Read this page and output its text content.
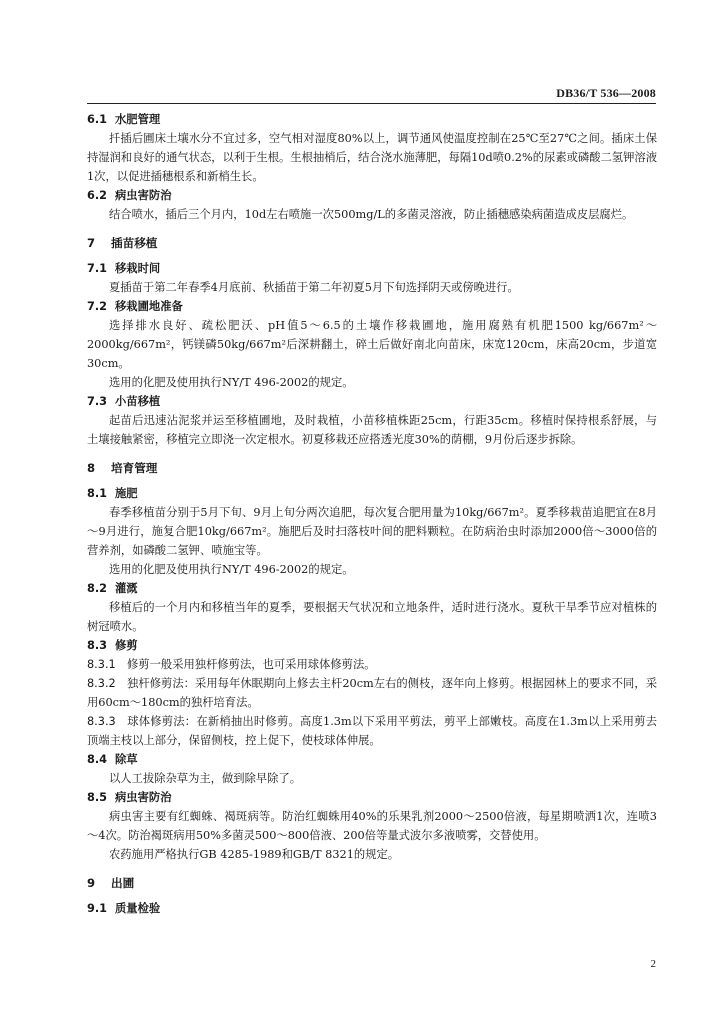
DB36/T 536—2008
6.1 水肥管理

扦插后圃床土壤水分不宜过多，空气相对湿度80%以上，调节通风使温度控制在25℃至27℃之间。插床土保持湿润和良好的通气状态，以利于生根。生根抽梢后，结合浇水施薄肥，每隔10d喷0.2%的尿素或磷酸二氢钾溶液1次，以促进插穗根系和新梢生长。

6.2 病虫害防治

结合喷水，插后三个月内，10d左右喷施一次500mg/L的多菌灵溶液，防止插穗感染病菌造成皮层腐烂。

7 插苗移植
7.1 移栽时间

夏插苗于第二年春季4月底前、秋插苗于第二年初夏5月下旬选择阴天或傍晚进行。

7.2 移栽圃地准备

选择排水良好、疏松肥沃、pH值5～6.5的土壤作移栽圃地，施用腐熟有机肥1500 kg/667m²～2000kg/667m²，钙镁磷50kg/667m²后深耕翻土，碎土后做好南北向苗床，床宽120cm，床高20cm，步道宽30cm。

选用的化肥及使用执行NY/T 496-2002的规定。

7.3 小苗移植

起苗后迅速沾泥浆并运至移植圃地，及时栽植，小苗移植株距25cm，行距35cm。移植时保持根系舒展，与土壤接触紧密，移植完立即浇一次定根水。初夏移栽还应搭透光度30%的荫棚，9月份后逐步拆除。

8 培育管理
8.1 施肥

春季移植苗分别于5月下旬、9月上旬分两次追肥，每次复合肥用量为10kg/667m²。夏季移栽苗追肥宜在8月～9月进行，施复合肥10kg/667m²。施肥后及时扫落枝叶间的肥料颗粒。在防病治虫时添加2000倍～3000倍的营养剂，如磷酸二氢钾、喷施宝等。

选用的化肥及使用执行NY/T 496-2002的规定。

8.2 灌溉

移植后的一个月内和移植当年的夏季，要根据天气状况和立地条件，适时进行浇水。夏秋干旱季节应对植株的树冠喷水。

8.3 修剪

8.3.1 修剪一般采用独杆修剪法，也可采用球体修剪法。

8.3.2 独杆修剪法：采用每年休眠期向上修去主杆20cm左右的侧枝，逐年向上修剪。根据园林上的要求不同，采用60cm～180cm的独杆培育法。

8.3.3 球体修剪法：在新梢抽出时修剪。高度1.3m以下采用平剪法，剪平上部嫩枝。高度在1.3m以上采用剪去顶端主枝以上部分，保留侧枝，控上促下，使枝球体伸展。

8.4 除草

以人工拔除杂草为主，做到除早除了。

8.5 病虫害防治

病虫害主要有红蜘蛛、褐斑病等。防治红蜘蛛用40%的乐果乳剂2000～2500倍液，每星期喷洒1次，连喷3～4次。防治褐斑病用50%多菌灵500～800倍液、200倍等量式波尔多液喷雾，交替使用。

农药施用严格执行GB 4285-1989和GB/T 8321的规定。

9 出圃
9.1 质量检验
2
